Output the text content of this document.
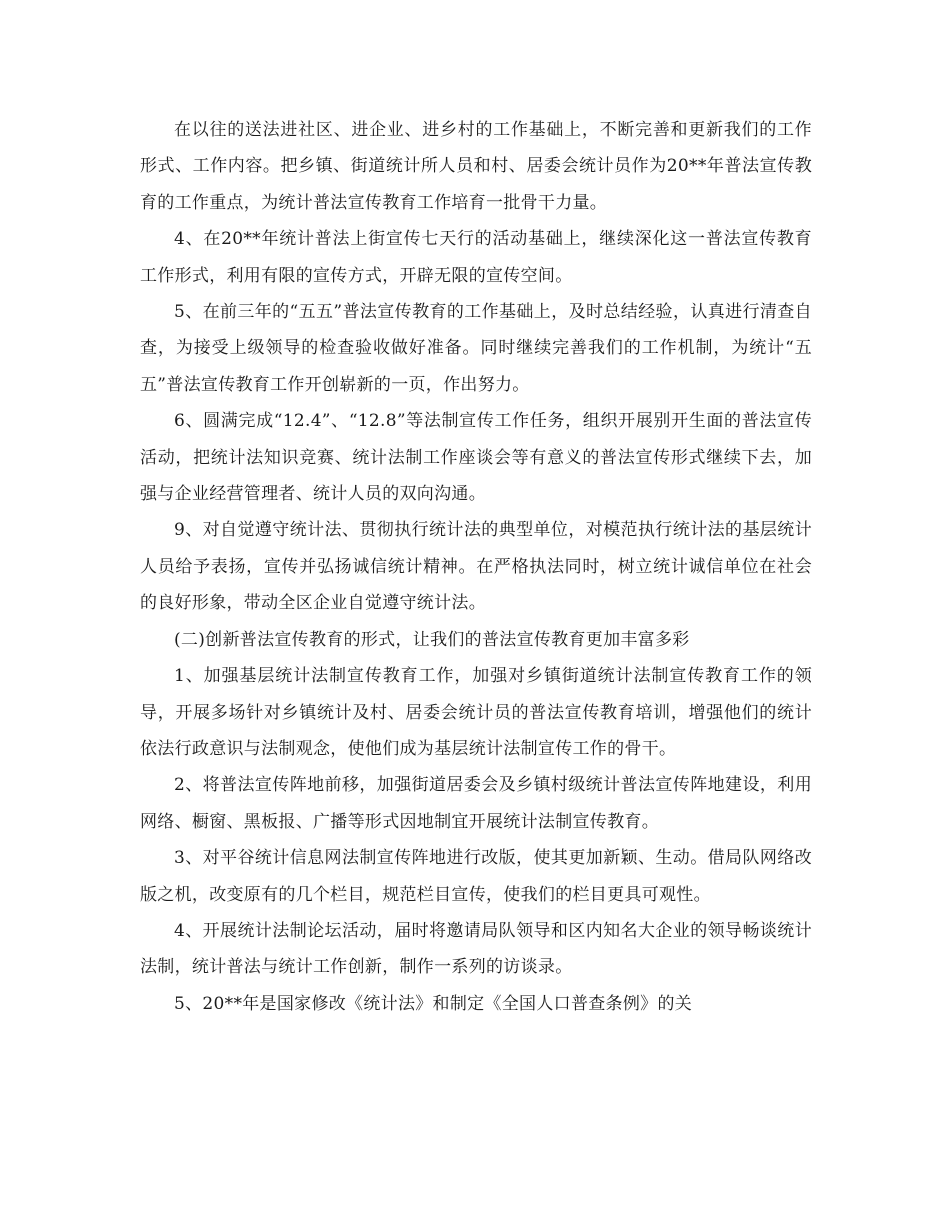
在以往的送法进社区、进企业、进乡村的工作基础上，不断完善和更新我们的工作形式、工作内容。把乡镇、街道统计所人员和村、居委会统计员作为20**年普法宣传教育的工作重点，为统计普法宣传教育工作培育一批骨干力量。

4、在20**年统计普法上街宣传七天行的活动基础上，继续深化这一普法宣传教育工作形式，利用有限的宣传方式，开辟无限的宣传空间。

5、在前三年的“五五”普法宣传教育的工作基础上，及时总结经验，认真进行清查自查，为接受上级领导的检查验收做好准备。同时继续完善我们的工作机制，为统计“五五”普法宣传教育工作开创崭新的一页，作出努力。

6、圆满完成“12.4”、“12.8”等法制宣传工作任务，组织开展别开生面的普法宣传活动，把统计法知识竞赛、统计法制工作座谈会等有意义的普法宣传形式继续下去，加强与企业经营管理者、统计人员的双向沟通。

9、对自觉遵守统计法、贯彻执行统计法的典型单位，对模范执行统计法的基层统计人员给予表扬，宣传并弘扬诚信统计精神。在严格执法同时，树立统计诚信单位在社会的良好形象，带动全区企业自觉遵守统计法。

(二)创新普法宣传教育的形式，让我们的普法宣传教育更加丰富多彩

1、加强基层统计法制宣传教育工作，加强对乡镇街道统计法制宣传教育工作的领导，开展多场针对乡镇统计及村、居委会统计员的普法宣传教育培训，增强他们的统计依法行政意识与法制观念，使他们成为基层统计法制宣传工作的骨干。

2、将普法宣传阵地前移，加强街道居委会及乡镇村级统计普法宣传阵地建设，利用网络、橱窗、黑板报、广播等形式因地制宜开展统计法制宣传教育。

3、对平谷统计信息网法制宣传阵地进行改版，使其更加新颖、生动。借局队网络改版之机，改变原有的几个栏目，规范栏目宣传，使我们的栏目更具可观性。

4、开展统计法制论坛活动，届时将邀请局队领导和区内知名大企业的领导畅谈统计法制，统计普法与统计工作创新，制作一系列的访谈录。

5、20**年是国家修改《统计法》和制定《全国人口普查条例》的关
